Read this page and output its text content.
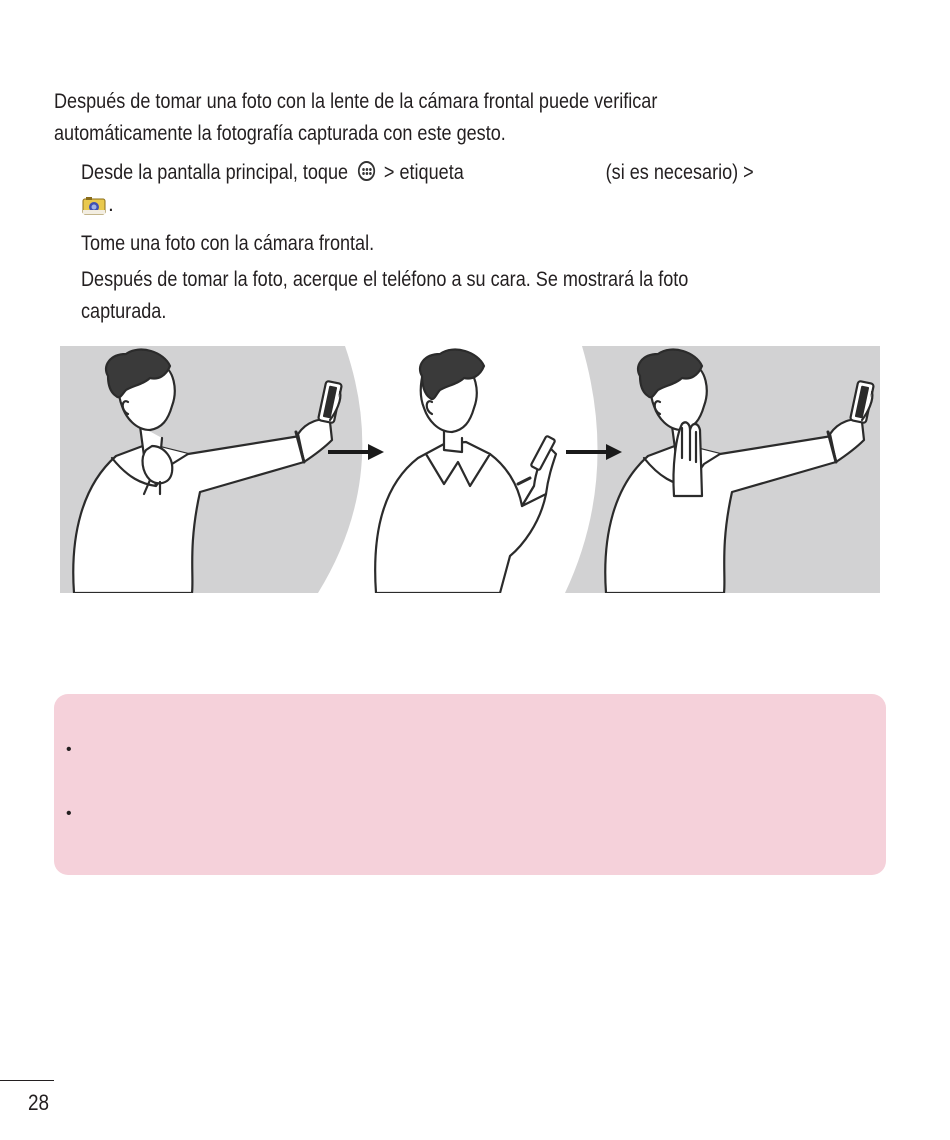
Después de tomar una foto con la lente de la cámara frontal puede verificar
automáticamente la fotografía capturada con este gesto.
Desde la pantalla principal, toque > etiqueta	(si es necesario) >
.
Tome una foto con la cámara frontal.
Después de tomar la foto, acerque el teléfono a su cara. Se mostrará la foto
capturada.
•
•
28
